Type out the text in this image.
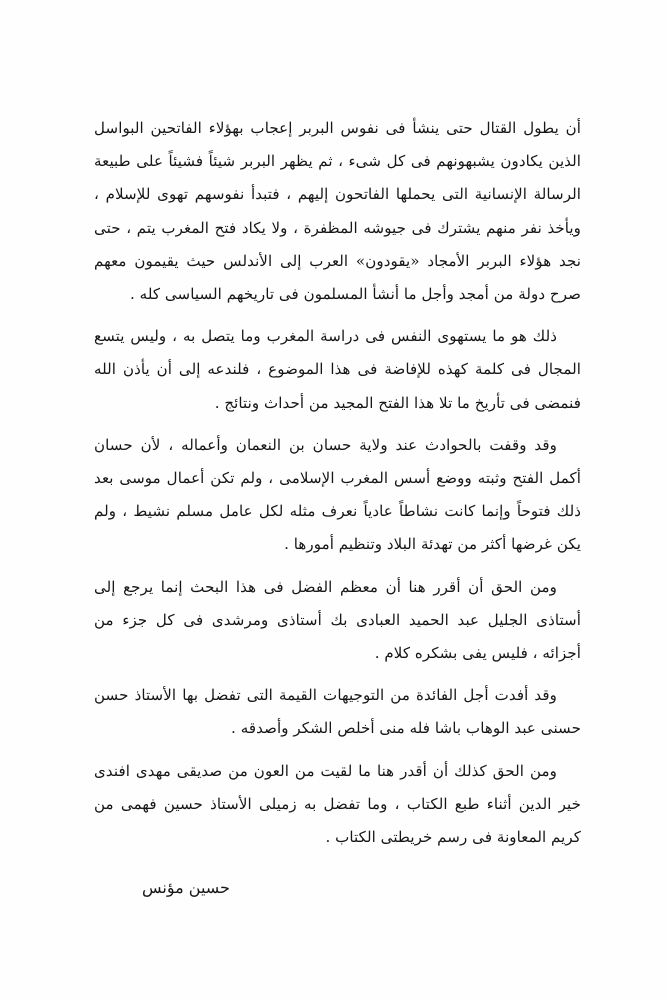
أن يطول القتال حتى ينشأ فى نفوس البربر إعجاب بهؤلاء الفاتحين البواسل الذين يكادون يشبهونهم فى كل شىء ، ثم يظهر البربر شيئاً فشيئاً على طبيعة الرسالة الإنسانية التى يحملها الفاتحون إليهم ، فتبدأ نفوسهم تهوى للإسلام ، ويأخذ نفر منهم يشترك فى جيوشه المظفرة ، ولا يكاد فتح المغرب يتم ، حتى نجد هؤلاء البربر الأمجاد «يقودون» العرب إلى الأندلس حيث يقيمون معهم صرح دولة من أمجد وأجل ما أنشأ المسلمون فى تاريخهم السياسى كله .

ذلك هو ما يستهوى النفس فى دراسة المغرب وما يتصل به ، وليس يتسع المجال فى كلمة كهذه للإفاضة فى هذا الموضوع ، فلندعه إلى أن يأذن الله فنمضى فى تأريخ ما تلا هذا الفتح المجيد من أحداث ونتائج .

وقد وقفت بالحوادث عند ولاية حسان بن النعمان وأعماله ، لأن حسان أكمل الفتح وثبته ووضع أسس المغرب الإسلامى ، ولم تكن أعمال موسى بعد ذلك فتوحاً وإنما كانت نشاطاً عادياً نعرف مثله لكل عامل مسلم نشيط ، ولم يكن غرضها أكثر من تهدئة البلاد وتنظيم أمورها .

ومن الحق أن أقرر هنا أن معظم الفضل فى هذا البحث إنما يرجع إلى أستاذى الجليل عبد الحميد العبادى بك أستاذى ومرشدى فى كل جزء من أجزائه ، فليس يفى بشكره كلام .

وقد أفدت أجل الفائدة من التوجيهات القيمة التى تفضل بها الأستاذ حسن حسنى عبد الوهاب باشا فله منى أخلص الشكر وأصدقه .

ومن الحق كذلك أن أقدر هنا ما لقيت من العون من صديقى مهدى افندى خير الدين أثناء طبع الكتاب ، وما تفضل به زميلى الأستاذ حسين فهمى من كريم المعاونة فى رسم خريطتى الكتاب .

حسين مؤنس
